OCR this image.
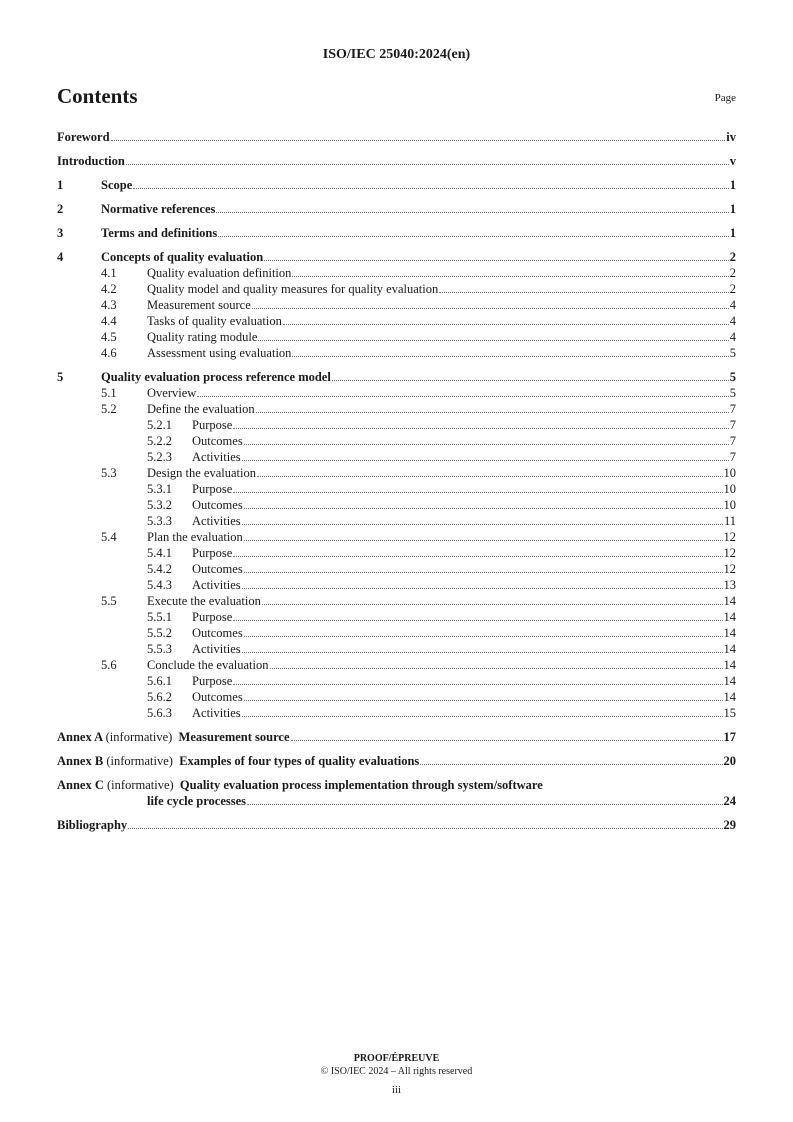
ISO/IEC 25040:2024(en)
Contents	Page
Foreword	iv
Introduction	v
1	Scope	1
2	Normative references	1
3	Terms and definitions	1
4	Concepts of quality evaluation	2
4.1	Quality evaluation definition	2
4.2	Quality model and quality measures for quality evaluation	2
4.3	Measurement source	4
4.4	Tasks of quality evaluation	4
4.5	Quality rating module	4
4.6	Assessment using evaluation	5
5	Quality evaluation process reference model	5
5.1	Overview	5
5.2	Define the evaluation	7
5.2.1	Purpose	7
5.2.2	Outcomes	7
5.2.3	Activities	7
5.3	Design the evaluation	10
5.3.1	Purpose	10
5.3.2	Outcomes	10
5.3.3	Activities	11
5.4	Plan the evaluation	12
5.4.1	Purpose	12
5.4.2	Outcomes	12
5.4.3	Activities	13
5.5	Execute the evaluation	14
5.5.1	Purpose	14
5.5.2	Outcomes	14
5.5.3	Activities	14
5.6	Conclude the evaluation	14
5.6.1	Purpose	14
5.6.2	Outcomes	14
5.6.3	Activities	15
Annex A (informative) Measurement source	17
Annex B (informative) Examples of four types of quality evaluations	20
Annex C (informative) Quality evaluation process implementation through system/software
life cycle processes	24
Bibliography	29
PROOF/ÉPREUVE
© ISO/IEC 2024 – All rights reserved
iii
